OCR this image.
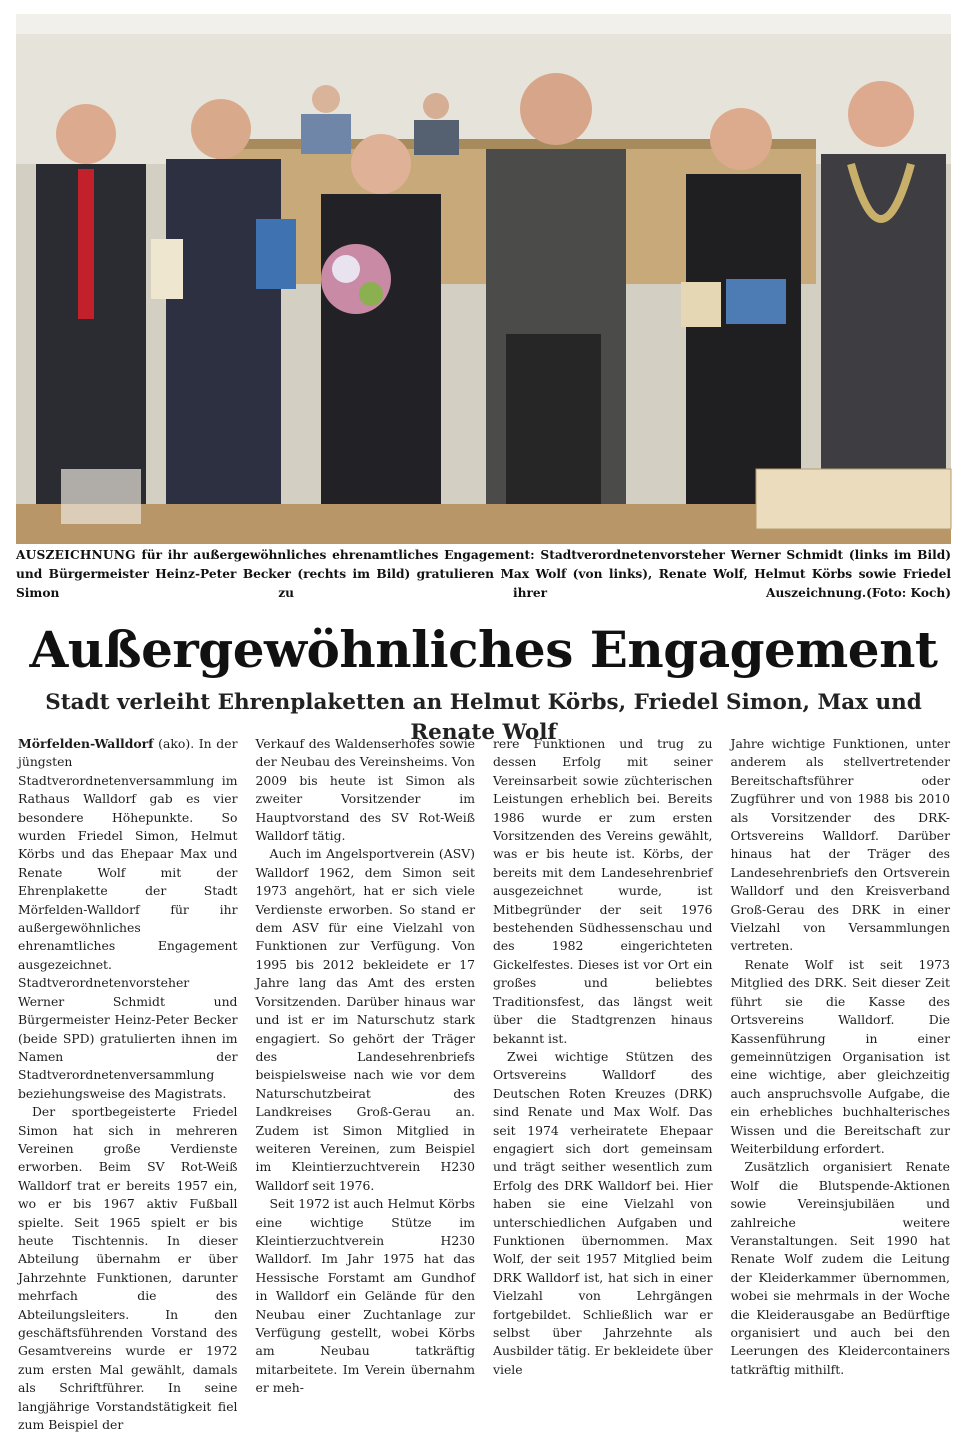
AUSZEICHNUNG für ihr außergewöhnliches ehrenamtliches Engagement: Stadtverordnetenvorsteher Werner Schmidt (links im Bild) und Bürgermeister Heinz-Peter Becker (rechts im Bild) gratulieren Max Wolf (von links), Renate Wolf, Helmut Körbs sowie Friedel Simon zu ihrer Auszeichnung. (Foto: Koch)
Außergewöhnliches Engagement
Stadt verleiht Ehrenplaketten an Helmut Körbs, Friedel Simon, Max und Renate Wolf

Mörfelden-Walldorf (ako). In der jüngsten Stadtverordnetenversammlung im Rathaus Walldorf gab es vier besondere Höhepunkte. So wurden Friedel Simon, Helmut Körbs und das Ehepaar Max und Renate Wolf mit der Ehrenplakette der Stadt Mörfelden-Walldorf für ihr außergewöhnliches ehrenamtliches Engagement ausgezeichnet. Stadtverordnetenvorsteher Werner Schmidt und Bürgermeister Heinz-Peter Becker (beide SPD) gratulierten ihnen im Namen der Stadtverordnetenversammlung beziehungsweise des Magistrats.

Der sportbegeisterte Friedel Simon hat sich in mehreren Vereinen große Verdienste erworben. Beim SV Rot-Weiß Walldorf trat er bereits 1957 ein, wo er bis 1967 aktiv Fußball spielte. Seit 1965 spielt er bis heute Tischtennis. In dieser Abteilung übernahm er über Jahrzehnte Funktionen, darunter mehrfach die des Abteilungsleiters. In den geschäftsführenden Vorstand des Gesamtvereins wurde er 1972 zum ersten Mal gewählt, damals als Schriftführer. In seine langjährige Vorstandstätigkeit fiel zum Beispiel der

Verkauf des Waldenserhofes sowie der Neubau des Vereinsheims. Von 2009 bis heute ist Simon als zweiter Vorsitzender im Hauptvorstand des SV Rot-Weiß Walldorf tätig.

Auch im Angelsportverein (ASV) Walldorf 1962, dem Simon seit 1973 angehört, hat er sich viele Verdienste erworben. So stand er dem ASV für eine Vielzahl von Funktionen zur Verfügung. Von 1995 bis 2012 bekleidete er 17 Jahre lang das Amt des ersten Vorsitzenden. Darüber hinaus war und ist er im Naturschutz stark engagiert. So gehört der Träger des Landesehrenbriefs beispielsweise nach wie vor dem Naturschutzbeirat des Landkreises Groß-Gerau an. Zudem ist Simon Mitglied in weiteren Vereinen, zum Beispiel im Kleintierzuchtverein H230 Walldorf seit 1976.

Seit 1972 ist auch Helmut Körbs eine wichtige Stütze im Kleintierzuchtverein H230 Walldorf. Im Jahr 1975 hat das Hessische Forstamt am Gundhof in Walldorf ein Gelände für den Neubau einer Zuchtanlage zur Verfügung gestellt, wobei Körbs am Neubau tatkräftig mitarbeitete. Im Verein übernahm er meh-

rere Funktionen und trug zu dessen Erfolg mit seiner Vereinsarbeit sowie züchterischen Leistungen erheblich bei. Bereits 1986 wurde er zum ersten Vorsitzenden des Vereins gewählt, was er bis heute ist. Körbs, der bereits mit dem Landesehrenbrief ausgezeichnet wurde, ist Mitbegründer der seit 1976 bestehenden Südhessenschau und des 1982 eingerichteten Gickelfestes. Dieses ist vor Ort ein großes und beliebtes Traditionsfest, das längst weit über die Stadtgrenzen hinaus bekannt ist.

Zwei wichtige Stützen des Ortsvereins Walldorf des Deutschen Roten Kreuzes (DRK) sind Renate und Max Wolf. Das seit 1974 verheiratete Ehepaar engagiert sich dort gemeinsam und trägt seither wesentlich zum Erfolg des DRK Walldorf bei. Hier haben sie eine Vielzahl von unterschiedlichen Aufgaben und Funktionen übernommen. Max Wolf, der seit 1957 Mitglied beim DRK Walldorf ist, hat sich in einer Vielzahl von Lehrgängen fortgebildet. Schließlich war er selbst über Jahrzehnte als Ausbilder tätig. Er bekleidete über viele

Jahre wichtige Funktionen, unter anderem als stellvertretender Bereitschaftsführer oder Zugführer und von 1988 bis 2010 als Vorsitzender des DRK-Ortsvereins Walldorf. Darüber hinaus hat der Träger des Landesehrenbriefs den Ortsverein Walldorf und den Kreisverband Groß-Gerau des DRK in einer Vielzahl von Versammlungen vertreten.

Renate Wolf ist seit 1973 Mitglied des DRK. Seit dieser Zeit führt sie die Kasse des Ortsvereins Walldorf. Die Kassenführung in einer gemeinnützigen Organisation ist eine wichtige, aber gleichzeitig auch anspruchsvolle Aufgabe, die ein erhebliches buchhalterisches Wissen und die Bereitschaft zur Weiterbildung erfordert.

Zusätzlich organisiert Renate Wolf die Blutspende-Aktionen sowie Vereinsjubiläen und zahlreiche weitere Veranstaltungen. Seit 1990 hat Renate Wolf zudem die Leitung der Kleiderkammer übernommen, wobei sie mehrmals in der Woche die Kleiderausgabe an Bedürftige organisiert und auch bei den Leerungen des Kleidercontainers tatkräftig mithilft.
